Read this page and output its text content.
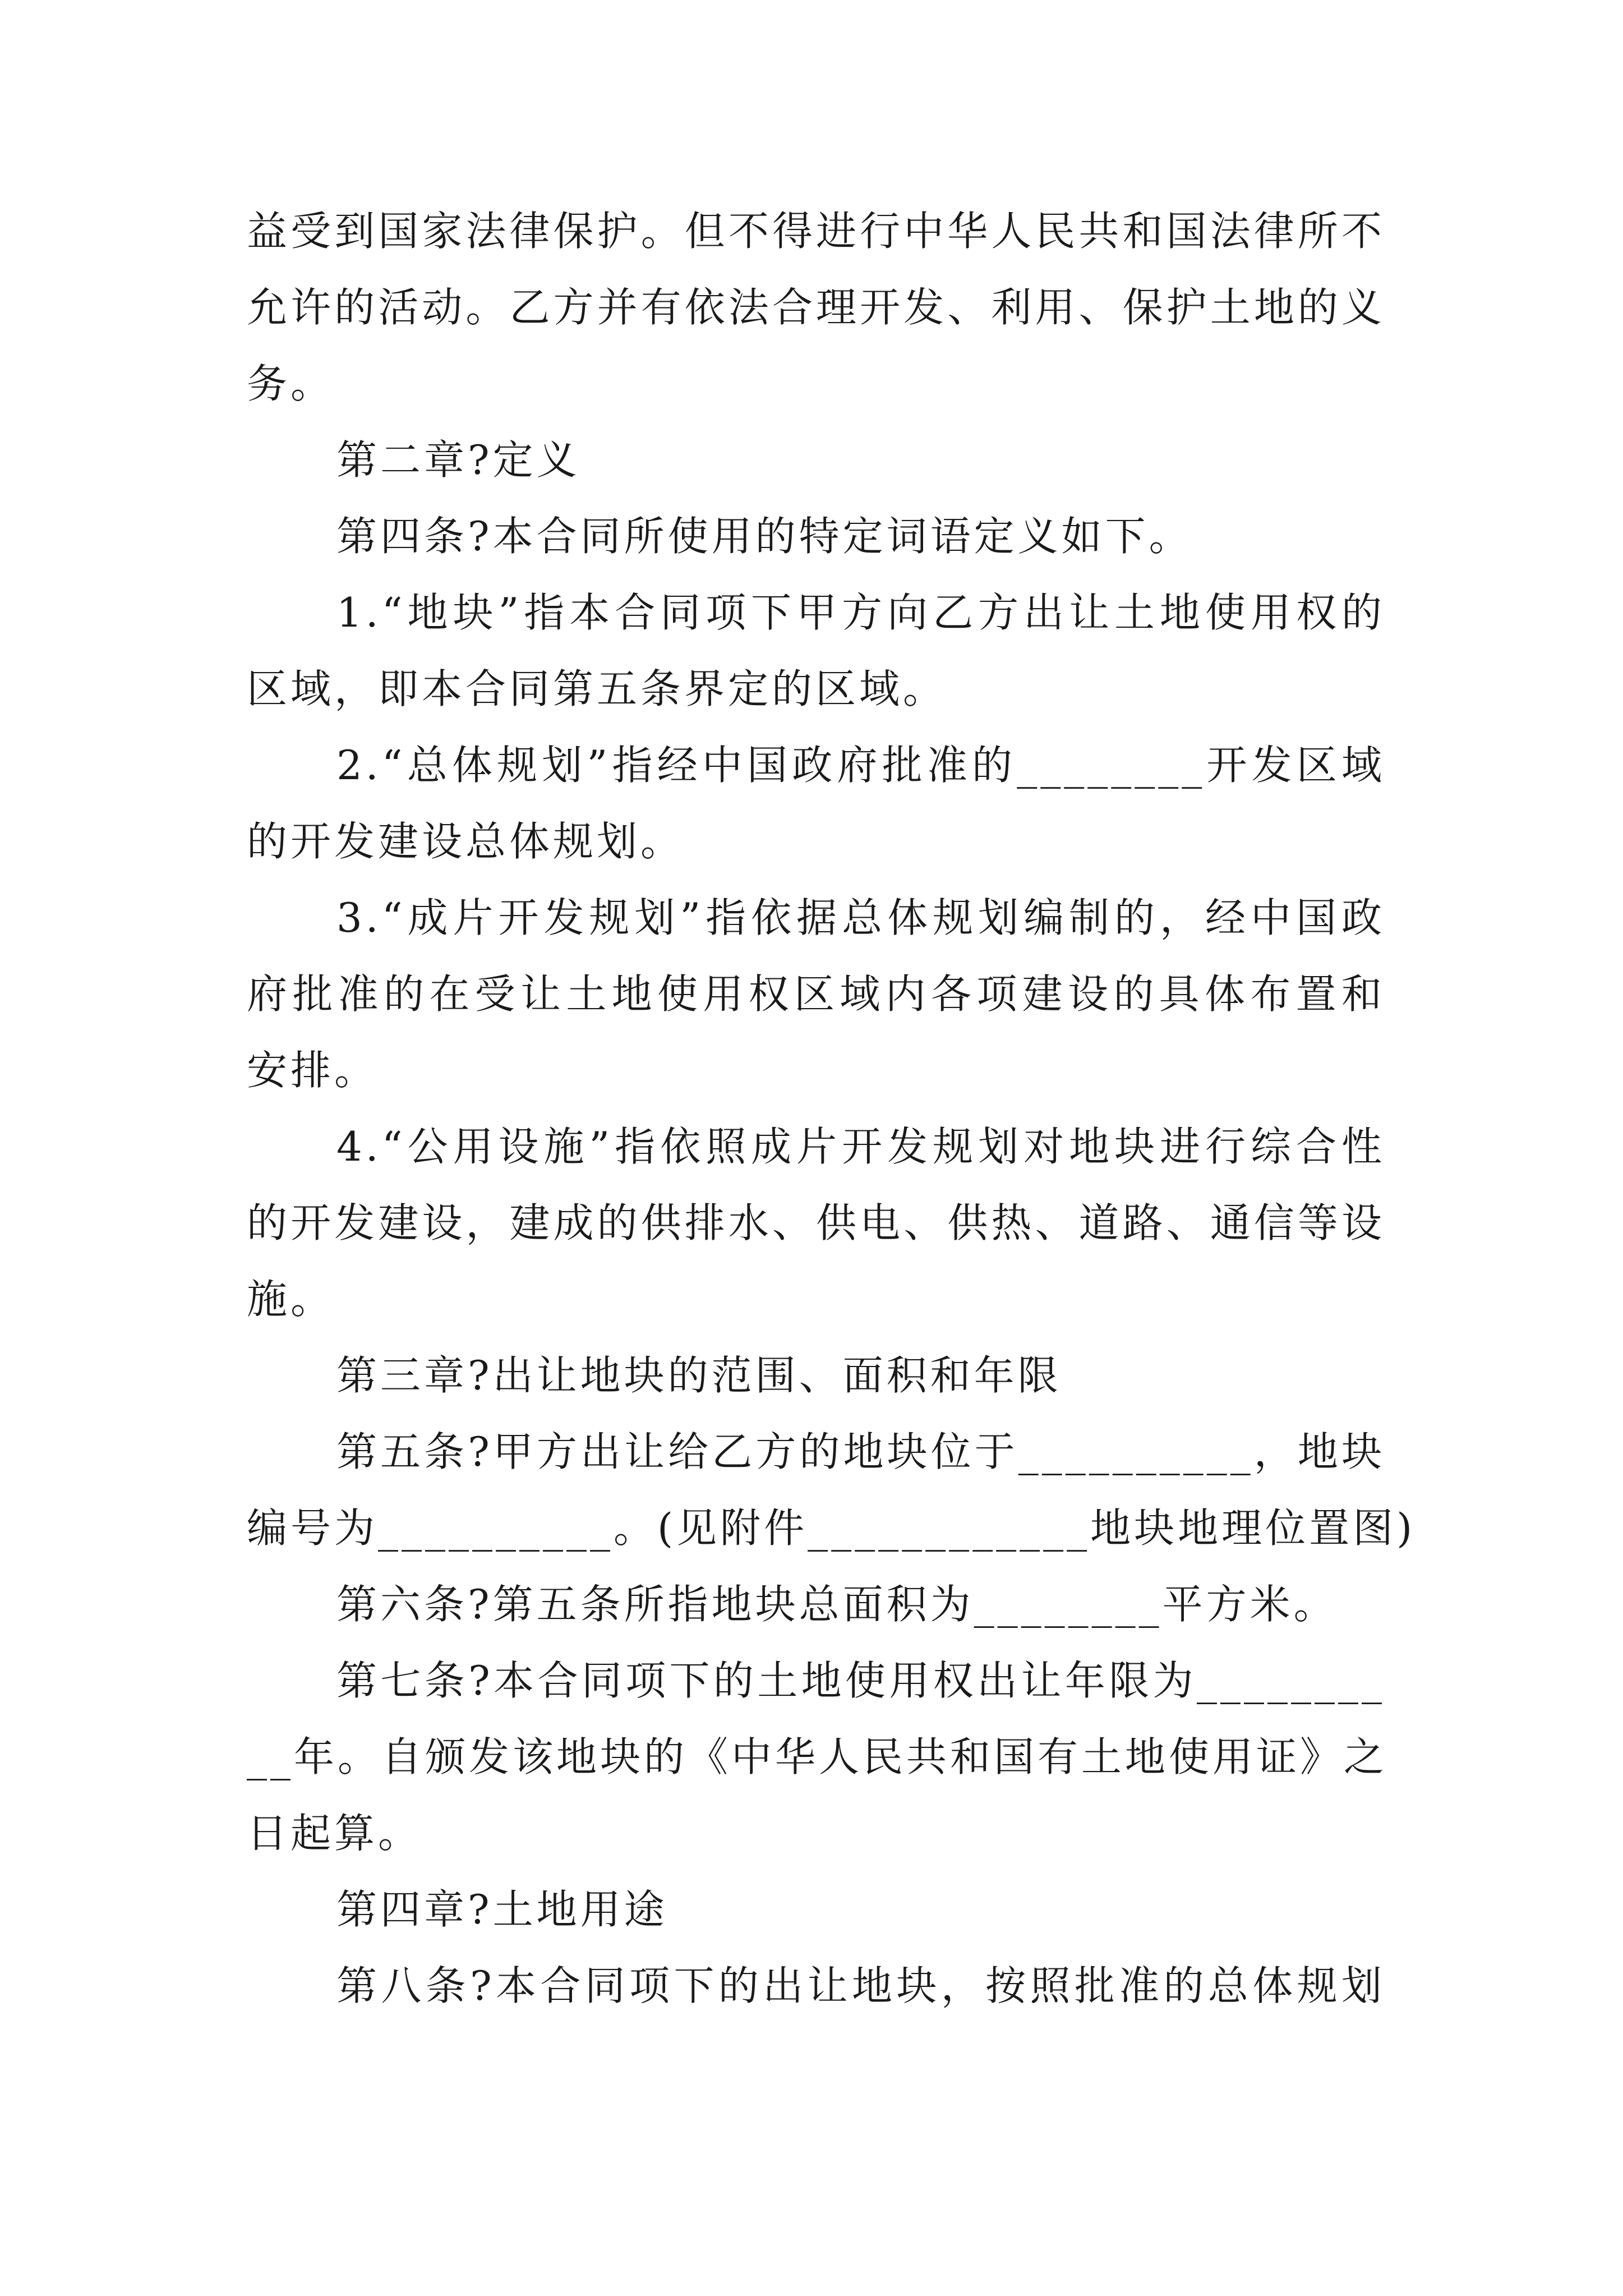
益受到国家法律保护。但不得进行中华人民共和国法律所不
允许的活动。乙方并有依法合理开发、利用、保护土地的义
务。
第二章?定义
第四条?本合同所使用的特定词语定义如下。
1.“地块”指本合同项下甲方向乙方出让土地使用权的
区域，即本合同第五条界定的区域。
2.“总体规划”指经中国政府批准的________开发区域
的开发建设总体规划。
3.“成片开发规划”指依据总体规划编制的，经中国政
府批准的在受让土地使用权区域内各项建设的具体布置和
安排。
4.“公用设施”指依照成片开发规划对地块进行综合性
的开发建设，建成的供排水、供电、供热、道路、通信等设
施。
第三章?出让地块的范围、面积和年限
第五条?甲方出让给乙方的地块位于__________，地块
编号为__________。(见附件____________地块地理位置图)
第六条?第五条所指地块总面积为________平方米。
第七条?本合同项下的土地使用权出让年限为________
__年。自颁发该地块的《中华人民共和国有土地使用证》之
日起算。
第四章?土地用途
第八条?本合同项下的出让地块，按照批准的总体规划
